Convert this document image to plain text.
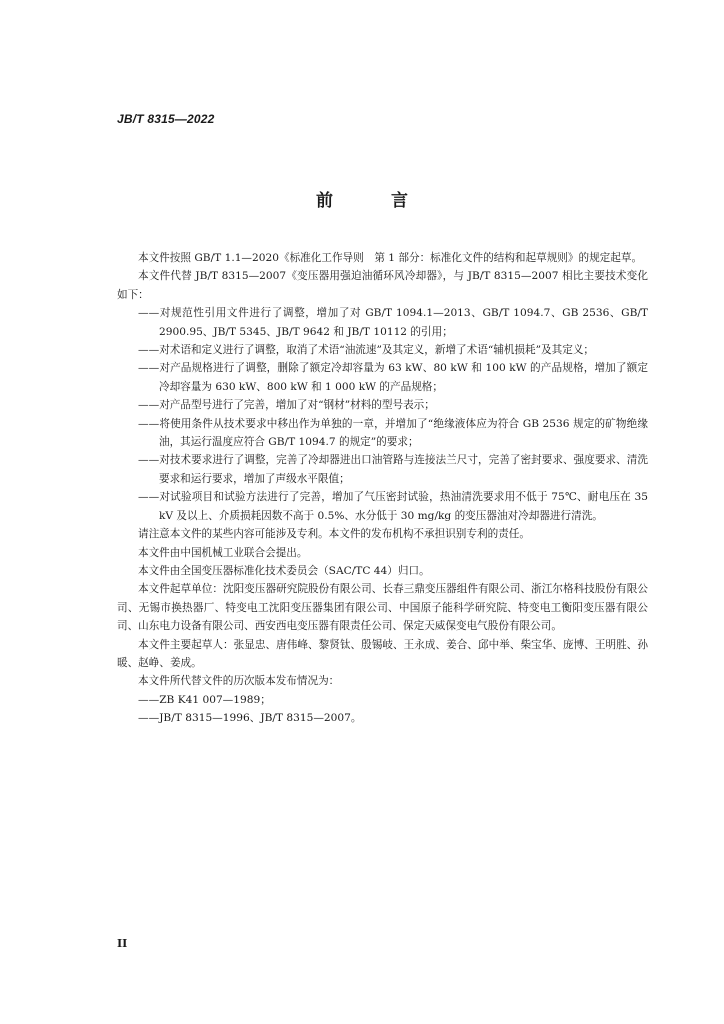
JB/T 8315—2022
前 言

本文件按照 GB/T 1.1—2020《标准化工作导则　第 1 部分：标准化文件的结构和起草规则》的规定起草。

本文件代替 JB/T 8315—2007《变压器用强迫油循环风冷却器》，与 JB/T 8315—2007 相比主要技术变化如下：

——对规范性引用文件进行了调整，增加了对 GB/T 1094.1—2013、GB/T 1094.7、GB 2536、GB/T 2900.95、JB/T 5345、JB/T 9642 和 JB/T 10112 的引用；

——对术语和定义进行了调整，取消了术语“油流速”及其定义，新增了术语“辅机损耗”及其定义；

——对产品规格进行了调整，删除了额定冷却容量为 63 kW、80 kW 和 100 kW 的产品规格，增加了额定冷却容量为 630 kW、800 kW 和 1 000 kW 的产品规格；

——对产品型号进行了完善，增加了对“钢材”材料的型号表示；

——将使用条件从技术要求中移出作为单独的一章，并增加了“绝缘液体应为符合 GB 2536 规定的矿物绝缘油，其运行温度应符合 GB/T 1094.7 的规定”的要求；

——对技术要求进行了调整，完善了冷却器进出口油管路与连接法兰尺寸，完善了密封要求、强度要求、清洗要求和运行要求，增加了声级水平限值；

——对试验项目和试验方法进行了完善，增加了气压密封试验，热油清洗要求用不低于 75℃、耐电压在 35 kV 及以上、介质损耗因数不高于 0.5%、水分低于 30 mg/kg 的变压器油对冷却器进行清洗。

请注意本文件的某些内容可能涉及专利。本文件的发布机构不承担识别专利的责任。

本文件由中国机械工业联合会提出。

本文件由全国变压器标准化技术委员会（SAC/TC 44）归口。

本文件起草单位：沈阳变压器研究院股份有限公司、长春三鼎变压器组件有限公司、浙江尔格科技股份有限公司、无锡市换热器厂、特变电工沈阳变压器集团有限公司、中国原子能科学研究院、特变电工衡阳变压器有限公司、山东电力设备有限公司、西安西电变压器有限责任公司、保定天威保变电气股份有限公司。

本文件主要起草人：张显忠、唐伟峰、黎贤钛、殷锡岐、王永成、姜合、邱中举、柴宝华、庞博、王明胜、孙暖、赵峥、姜成。

本文件所代替文件的历次版本发布情况为：

——ZB K41 007—1989；

——JB/T 8315—1996、JB/T 8315—2007。

II
